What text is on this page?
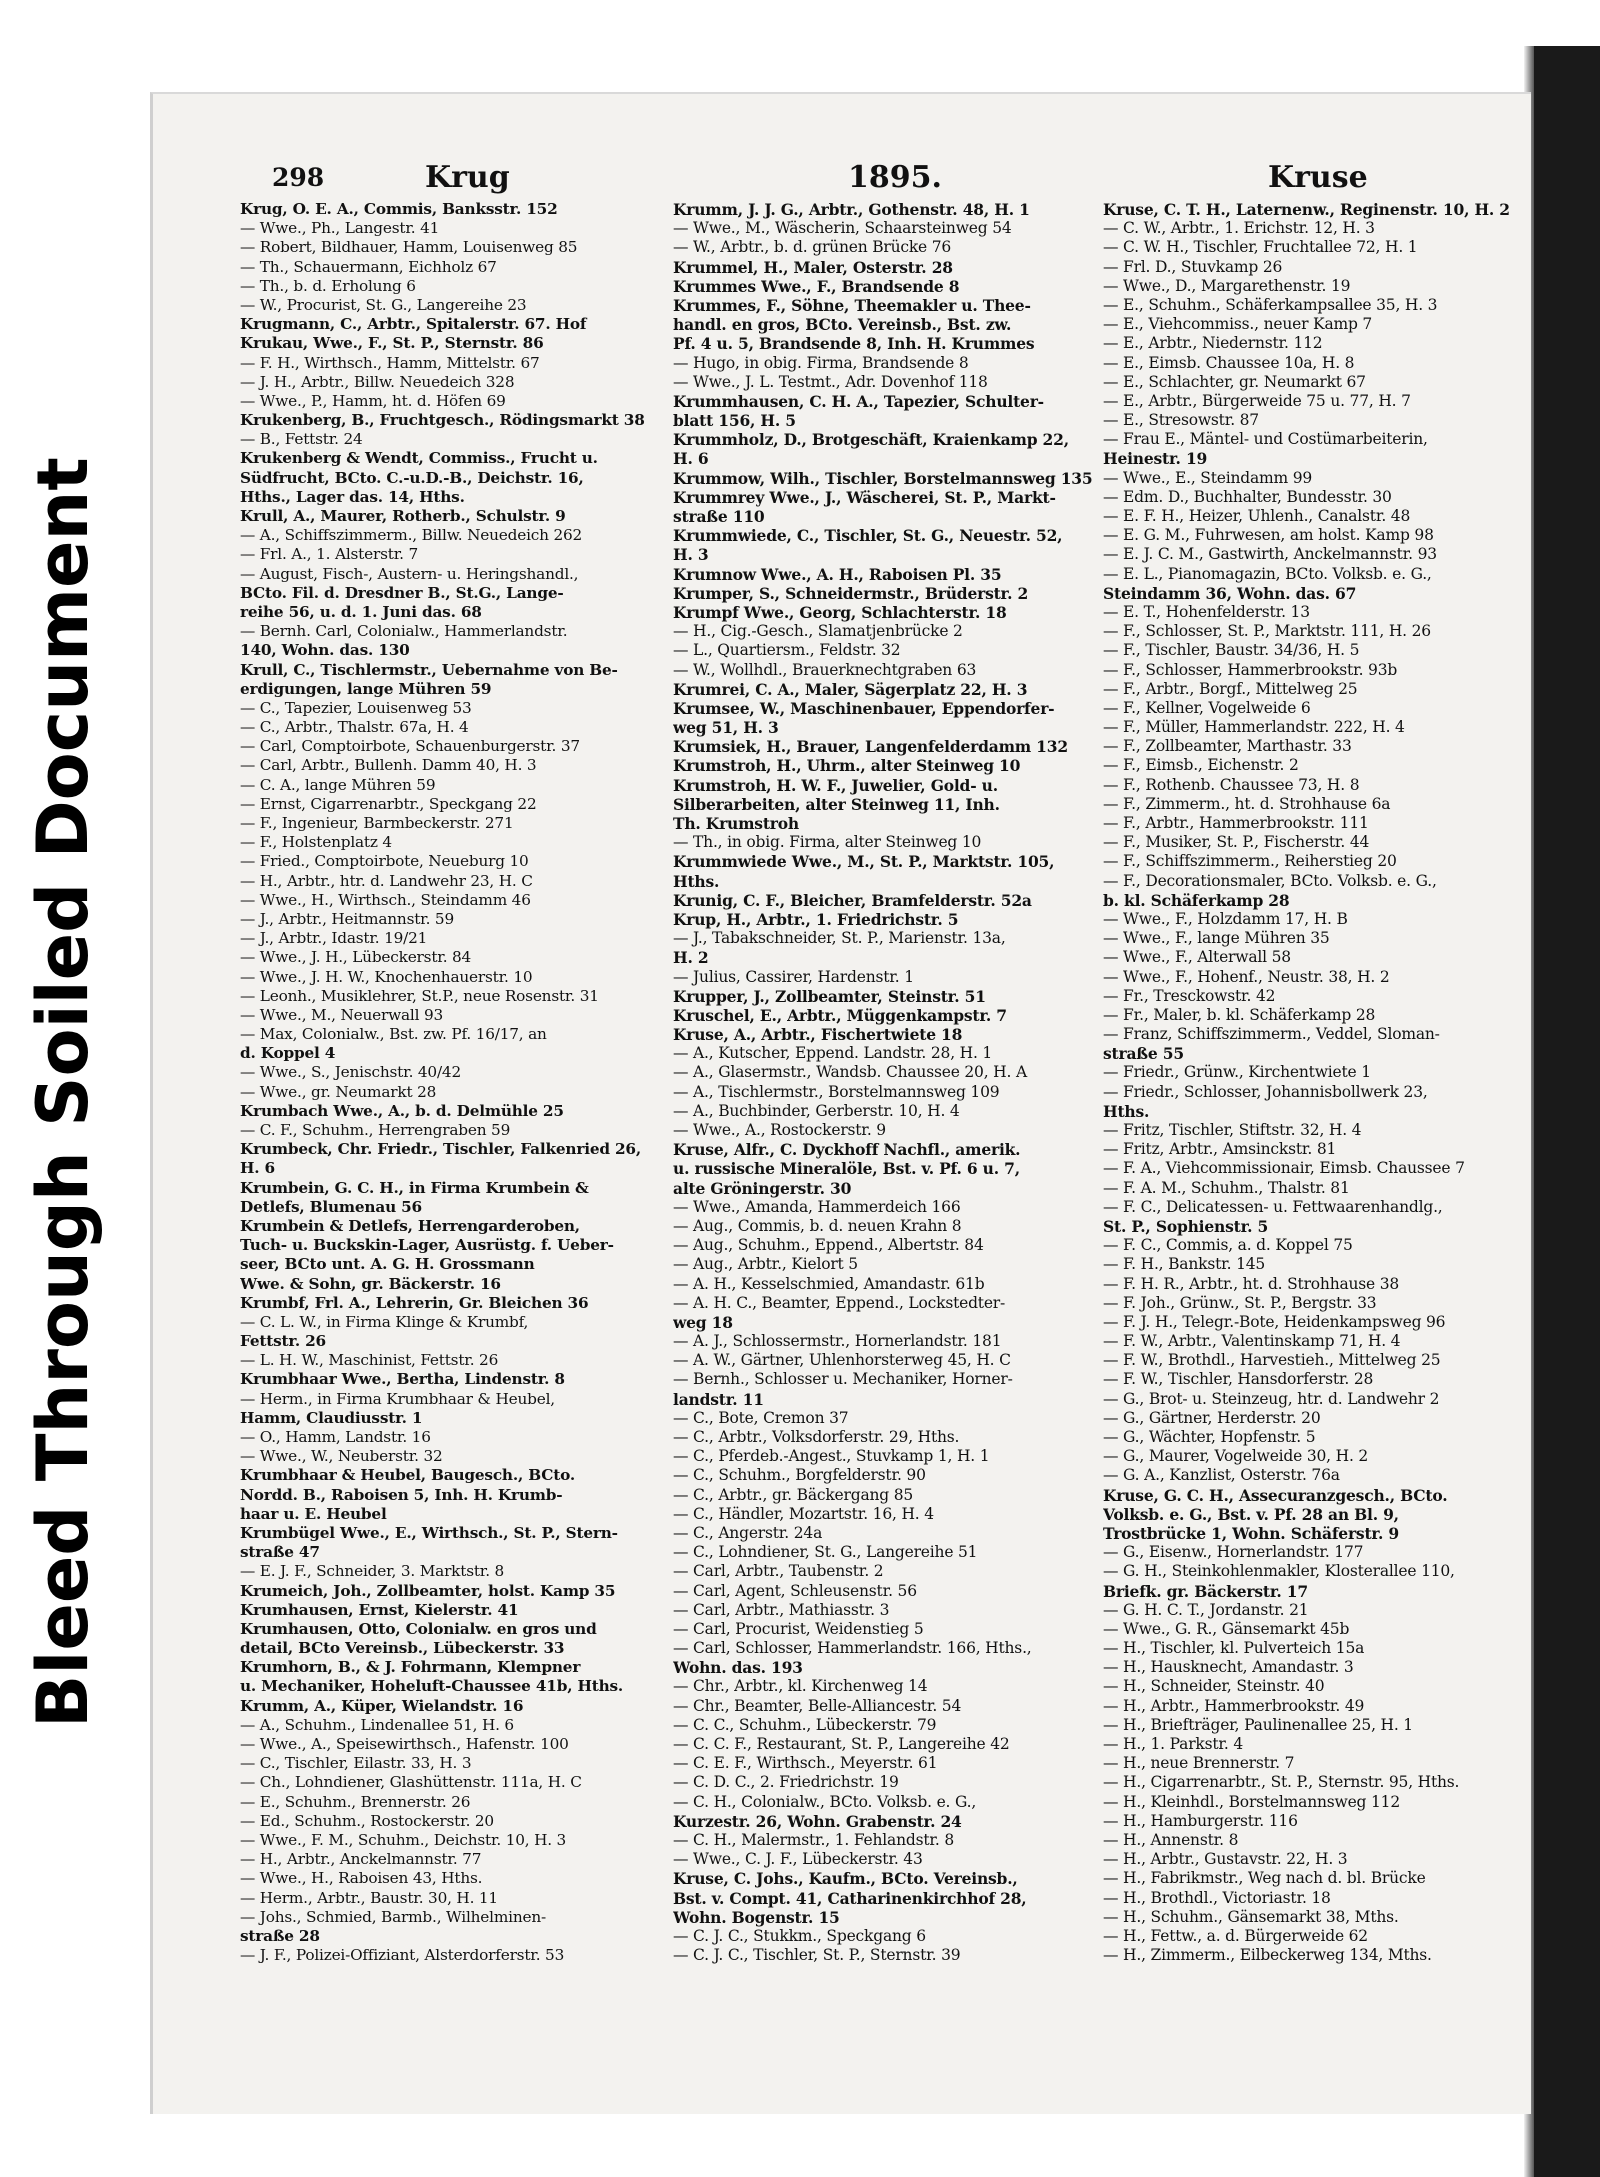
Bleed Through Soiled Document
298	Krug	1895.	Kruse
Krug, O. E. A., Commis, Banksstr. 152
— Wwe., Ph., Langestr. 41
— Robert, Bildhauer, Hamm, Louisenweg 85
— Th., Schauermann, Eichholz 67
— Th., b. d. Erholung 6
— W., Procurist, St. G., Langereihe 23
Krugmann, C., Arbtr., Spitalerstr. 67. Hof
Krukau, Wwe., F., St. P., Sternstr. 86
— F. H., Wirthsch., Hamm, Mittelstr. 67
— J. H., Arbtr., Billw. Neuedeich 328
— Wwe., P., Hamm, ht. d. Höfen 69
Krukenberg, B., Fruchtgesch., Rödingsmarkt 38
— B., Fettstr. 24
Krukenberg & Wendt, Commiss., Frucht u.
Südfrucht, BCto. C.-u.D.-B., Deichstr. 16,
Hths., Lager das. 14, Hths.
Krull, A., Maurer, Rotherb., Schulstr. 9
— A., Schiffszimmerm., Billw. Neuedeich 262
— Frl. A., 1. Alsterstr. 7
— August, Fisch-, Austern- u. Heringshandl.,
BCto. Fil. d. Dresdner B., St.G., Lange-
reihe 56, u. d. 1. Juni das. 68
— Bernh. Carl, Colonialw., Hammerlandstr.
140, Wohn. das. 130
Krull, C., Tischlermstr., Uebernahme von Be-
erdigungen, lange Mühren 59
— C., Tapezier, Louisenweg 53
— C., Arbtr., Thalstr. 67a, H. 4
— Carl, Comptoirbote, Schauenburgerstr. 37
— Carl, Arbtr., Bullenh. Damm 40, H. 3
— C. A., lange Mühren 59
— Ernst, Cigarrenarbtr., Speckgang 22
— F., Ingenieur, Barmbeckerstr. 271
— F., Holstenplatz 4
— Fried., Comptoirbote, Neueburg 10
— H., Arbtr., htr. d. Landwehr 23, H. C
— Wwe., H., Wirthsch., Steindamm 46
— J., Arbtr., Heitmannstr. 59
— J., Arbtr., Idastr. 19/21
— Wwe., J. H., Lübeckerstr. 84
— Wwe., J. H. W., Knochenhauerstr. 10
— Leonh., Musiklehrer, St.P., neue Rosenstr. 31
— Wwe., M., Neuerwall 93
— Max, Colonialw., Bst. zw. Pf. 16/17, an
d. Koppel 4
— Wwe., S., Jenischstr. 40/42
— Wwe., gr. Neumarkt 28
Krumbach Wwe., A., b. d. Delmühle 25
— C. F., Schuhm., Herrengraben 59
Krumbeck, Chr. Friedr., Tischler, Falkenried 26,
H. 6
Krumbein, G. C. H., in Firma Krumbein &
Detlefs, Blumenau 56
Krumbein & Detlefs, Herrengarderoben,
Tuch- u. Buckskin-Lager, Ausrüstg. f. Ueber-
seer, BCto unt. A. G. H. Grossmann
Wwe. & Sohn, gr. Bäckerstr. 16
Krumbf, Frl. A., Lehrerin, Gr. Bleichen 36
— C. L. W., in Firma Klinge & Krumbf,
Fettstr. 26
— L. H. W., Maschinist, Fettstr. 26
Krumbhaar Wwe., Bertha, Lindenstr. 8
— Herm., in Firma Krumbhaar & Heubel,
Hamm, Claudiusstr. 1
— O., Hamm, Landstr. 16
— Wwe., W., Neuberstr. 32
Krumbhaar & Heubel, Baugesch., BCto.
Nordd. B., Raboisen 5, Inh. H. Krumb-
haar u. E. Heubel
Krumbügel Wwe., E., Wirthsch., St. P., Stern-
straße 47
— E. J. F., Schneider, 3. Marktstr. 8
Krumeich, Joh., Zollbeamter, holst. Kamp 35
Krumhausen, Ernst, Kielerstr. 41
Krumhausen, Otto, Colonialw. en gros und
detail, BCto Vereinsb., Lübeckerstr. 33
Krumhorn, B., & J. Fohrmann, Klempner
u. Mechaniker, Hoheluft-Chaussee 41b, Hths.
Krumm, A., Küper, Wielandstr. 16
— A., Schuhm., Lindenallee 51, H. 6
— Wwe., A., Speisewirthsch., Hafenstr. 100
— C., Tischler, Eilastr. 33, H. 3
— Ch., Lohndiener, Glashüttenstr. 111a, H. C
— E., Schuhm., Brennerstr. 26
— Ed., Schuhm., Rostockerstr. 20
— Wwe., F. M., Schuhm., Deichstr. 10, H. 3
— H., Arbtr., Anckelmannstr. 77
— Wwe., H., Raboisen 43, Hths.
— Herm., Arbtr., Baustr. 30, H. 11
— Johs., Schmied, Barmb., Wilhelminen-
straße 28
— J. F., Polizei-Offiziant, Alsterdorferstr. 53
Krumm, J. J. G., Arbtr., Gothenstr. 48, H. 1
— Wwe., M., Wäscherin, Schaarsteinweg 54
— W., Arbtr., b. d. grünen Brücke 76
Krummel, H., Maler, Osterstr. 28
Krummes Wwe., F., Brandsende 8
Krummes, F., Söhne, Theemakler u. Thee-
handl. en gros, BCto. Vereinsb., Bst. zw.
Pf. 4 u. 5, Brandsende 8, Inh. H. Krummes
— Hugo, in obig. Firma, Brandsende 8
— Wwe., J. L. Testmt., Adr. Dovenhof 118
Krummhausen, C. H. A., Tapezier, Schulter-
blatt 156, H. 5
Krummholz, D., Brotgeschäft, Kraienkamp 22,
H. 6
Krummow, Wilh., Tischler, Borstelmannsweg 135
Krummrey Wwe., J., Wäscherei, St. P., Markt-
straße 110
Krummwiede, C., Tischler, St. G., Neuestr. 52,
H. 3
Krumnow Wwe., A. H., Raboisen Pl. 35
Krumper, S., Schneidermstr., Brüderstr. 2
Krumpf Wwe., Georg, Schlachterstr. 18
— H., Cig.-Gesch., Slamatjenbrücke 2
— L., Quartiersm., Feldstr. 32
— W., Wollhdl., Brauerknechtgraben 63
Krumrei, C. A., Maler, Sägerplatz 22, H. 3
Krumsee, W., Maschinenbauer, Eppendorfer-
weg 51, H. 3
Krumsiek, H., Brauer, Langenfelderdamm 132
Krumstroh, H., Uhrm., alter Steinweg 10
Krumstroh, H. W. F., Juwelier, Gold- u.
Silberarbeiten, alter Steinweg 11, Inh.
Th. Krumstroh
— Th., in obig. Firma, alter Steinweg 10
Krummwiede Wwe., M., St. P., Marktstr. 105,
Hths.
Krunig, C. F., Bleicher, Bramfelderstr. 52a
Krup, H., Arbtr., 1. Friedrichstr. 5
— J., Tabakschneider, St. P., Marienstr. 13a,
H. 2
— Julius, Cassirer, Hardenstr. 1
Krupper, J., Zollbeamter, Steinstr. 51
Kruschel, E., Arbtr., Müggenkampstr. 7
Kruse, A., Arbtr., Fischertwiete 18
— A., Kutscher, Eppend. Landstr. 28, H. 1
— A., Glasermstr., Wandsb. Chaussee 20, H. A
— A., Tischlermstr., Borstelmannsweg 109
— A., Buchbinder, Gerberstr. 10, H. 4
— Wwe., A., Rostockerstr. 9
Kruse, Alfr., C. Dyckhoff Nachfl., amerik.
u. russische Mineralöle, Bst. v. Pf. 6 u. 7,
alte Gröningerstr. 30
— Wwe., Amanda, Hammerdeich 166
— Aug., Commis, b. d. neuen Krahn 8
— Aug., Schuhm., Eppend., Albertstr. 84
— Aug., Arbtr., Kielort 5
— A. H., Kesselschmied, Amandastr. 61b
— A. H. C., Beamter, Eppend., Lockstedter-
weg 18
— A. J., Schlossermstr., Hornerlandstr. 181
— A. W., Gärtner, Uhlenhorsterweg 45, H. C
— Bernh., Schlosser u. Mechaniker, Horner-
landstr. 11
— C., Bote, Cremon 37
— C., Arbtr., Volksdorferstr. 29, Hths.
— C., Pferdeb.-Angest., Stuvkamp 1, H. 1
— C., Schuhm., Borgfelderstr. 90
— C., Arbtr., gr. Bäckergang 85
— C., Händler, Mozartstr. 16, H. 4
— C., Angerstr. 24a
— C., Lohndiener, St. G., Langereihe 51
— Carl, Arbtr., Taubenstr. 2
— Carl, Agent, Schleusenstr. 56
— Carl, Arbtr., Mathiasstr. 3
— Carl, Procurist, Weidenstieg 5
— Carl, Schlosser, Hammerlandstr. 166, Hths.,
Wohn. das. 193
— Chr., Arbtr., kl. Kirchenweg 14
— Chr., Beamter, Belle-Alliancestr. 54
— C. C., Schuhm., Lübeckerstr. 79
— C. C. F., Restaurant, St. P., Langereihe 42
— C. E. F., Wirthsch., Meyerstr. 61
— C. D. C., 2. Friedrichstr. 19
— C. H., Colonialw., BCto. Volksb. e. G.,
Kurzestr. 26, Wohn. Grabenstr. 24
— C. H., Malermstr., 1. Fehlandstr. 8
— Wwe., C. J. F., Lübeckerstr. 43
Kruse, C. Johs., Kaufm., BCto. Vereinsb.,
Bst. v. Compt. 41, Catharinenkirchhof 28,
Wohn. Bogenstr. 15
— C. J. C., Stukkm., Speckgang 6
— C. J. C., Tischler, St. P., Sternstr. 39
Kruse, C. T. H., Laternenw., Reginenstr. 10, H. 2
— C. W., Arbtr., 1. Erichstr. 12, H. 3
— C. W. H., Tischler, Fruchtallee 72, H. 1
— Frl. D., Stuvkamp 26
— Wwe., D., Margarethenstr. 19
— E., Schuhm., Schäferkampsallee 35, H. 3
— E., Viehcommiss., neuer Kamp 7
— E., Arbtr., Niedernstr. 112
— E., Eimsb. Chaussee 10a, H. 8
— E., Schlachter, gr. Neumarkt 67
— E., Arbtr., Bürgerweide 75 u. 77, H. 7
— E., Stresowstr. 87
— Frau E., Mäntel- und Costümarbeiterin,
Heinestr. 19
— Wwe., E., Steindamm 99
— Edm. D., Buchhalter, Bundesstr. 30
— E. F. H., Heizer, Uhlenh., Canalstr. 48
— E. G. M., Fuhrwesen, am holst. Kamp 98
— E. J. C. M., Gastwirth, Anckelmannstr. 93
— E. L., Pianomagazin, BCto. Volksb. e. G.,
Steindamm 36, Wohn. das. 67
— E. T., Hohenfelderstr. 13
— F., Schlosser, St. P., Marktstr. 111, H. 26
— F., Tischler, Baustr. 34/36, H. 5
— F., Schlosser, Hammerbrookstr. 93b
— F., Arbtr., Borgf., Mittelweg 25
— F., Kellner, Vogelweide 6
— F., Müller, Hammerlandstr. 222, H. 4
— F., Zollbeamter, Marthastr. 33
— F., Eimsb., Eichenstr. 2
— F., Rothenb. Chaussee 73, H. 8
— F., Zimmerm., ht. d. Strohhause 6a
— F., Arbtr., Hammerbrookstr. 111
— F., Musiker, St. P., Fischerstr. 44
— F., Schiffszimmerm., Reiherstieg 20
— F., Decorationsmaler, BCto. Volksb. e. G.,
b. kl. Schäferkamp 28
— Wwe., F., Holzdamm 17, H. B
— Wwe., F., lange Mühren 35
— Wwe., F., Alterwall 58
— Wwe., F., Hohenf., Neustr. 38, H. 2
— Fr., Tresckowstr. 42
— Fr., Maler, b. kl. Schäferkamp 28
— Franz, Schiffszimmerm., Veddel, Sloman-
straße 55
— Friedr., Grünw., Kirchentwiete 1
— Friedr., Schlosser, Johannisbollwerk 23,
Hths.
— Fritz, Tischler, Stiftstr. 32, H. 4
— Fritz, Arbtr., Amsinckstr. 81
— F. A., Viehcommissionair, Eimsb. Chaussee 7
— F. A. M., Schuhm., Thalstr. 81
— F. C., Delicatessen- u. Fettwaarenhandlg.,
St. P., Sophienstr. 5
— F. C., Commis, a. d. Koppel 75
— F. H., Bankstr. 145
— F. H. R., Arbtr., ht. d. Strohhause 38
— F. Joh., Grünw., St. P., Bergstr. 33
— F. J. H., Telegr.-Bote, Heidenkampsweg 96
— F. W., Arbtr., Valentinskamp 71, H. 4
— F. W., Brothdl., Harvestieh., Mittelweg 25
— F. W., Tischler, Hansdorferstr. 28
— G., Brot- u. Steinzeug, htr. d. Landwehr 2
— G., Gärtner, Herderstr. 20
— G., Wächter, Hopfenstr. 5
— G., Maurer, Vogelweide 30, H. 2
— G. A., Kanzlist, Osterstr. 76a
Kruse, G. C. H., Assecuranzgesch., BCto.
Volksb. e. G., Bst. v. Pf. 28 an Bl. 9,
Trostbrücke 1, Wohn. Schäferstr. 9
— G., Eisenw., Hornerlandstr. 177
— G. H., Steinkohlenmakler, Klosterallee 110,
Briefk. gr. Bäckerstr. 17
— G. H. C. T., Jordanstr. 21
— Wwe., G. R., Gänsemarkt 45b
— H., Tischler, kl. Pulverteich 15a
— H., Hausknecht, Amandastr. 3
— H., Schneider, Steinstr. 40
— H., Arbtr., Hammerbrookstr. 49
— H., Briefträger, Paulinenallee 25, H. 1
— H., 1. Parkstr. 4
— H., neue Brennerstr. 7
— H., Cigarrenarbtr., St. P., Sternstr. 95, Hths.
— H., Kleinhdl., Borstelmannsweg 112
— H., Hamburgerstr. 116
— H., Annenstr. 8
— H., Arbtr., Gustavstr. 22, H. 3
— H., Fabrikmstr., Weg nach d. bl. Brücke
— H., Brothdl., Victoriastr. 18
— H., Schuhm., Gänsemarkt 38, Mths.
— H., Fettw., a. d. Bürgerweide 62
— H., Zimmerm., Eilbeckerweg 134, Mths.
